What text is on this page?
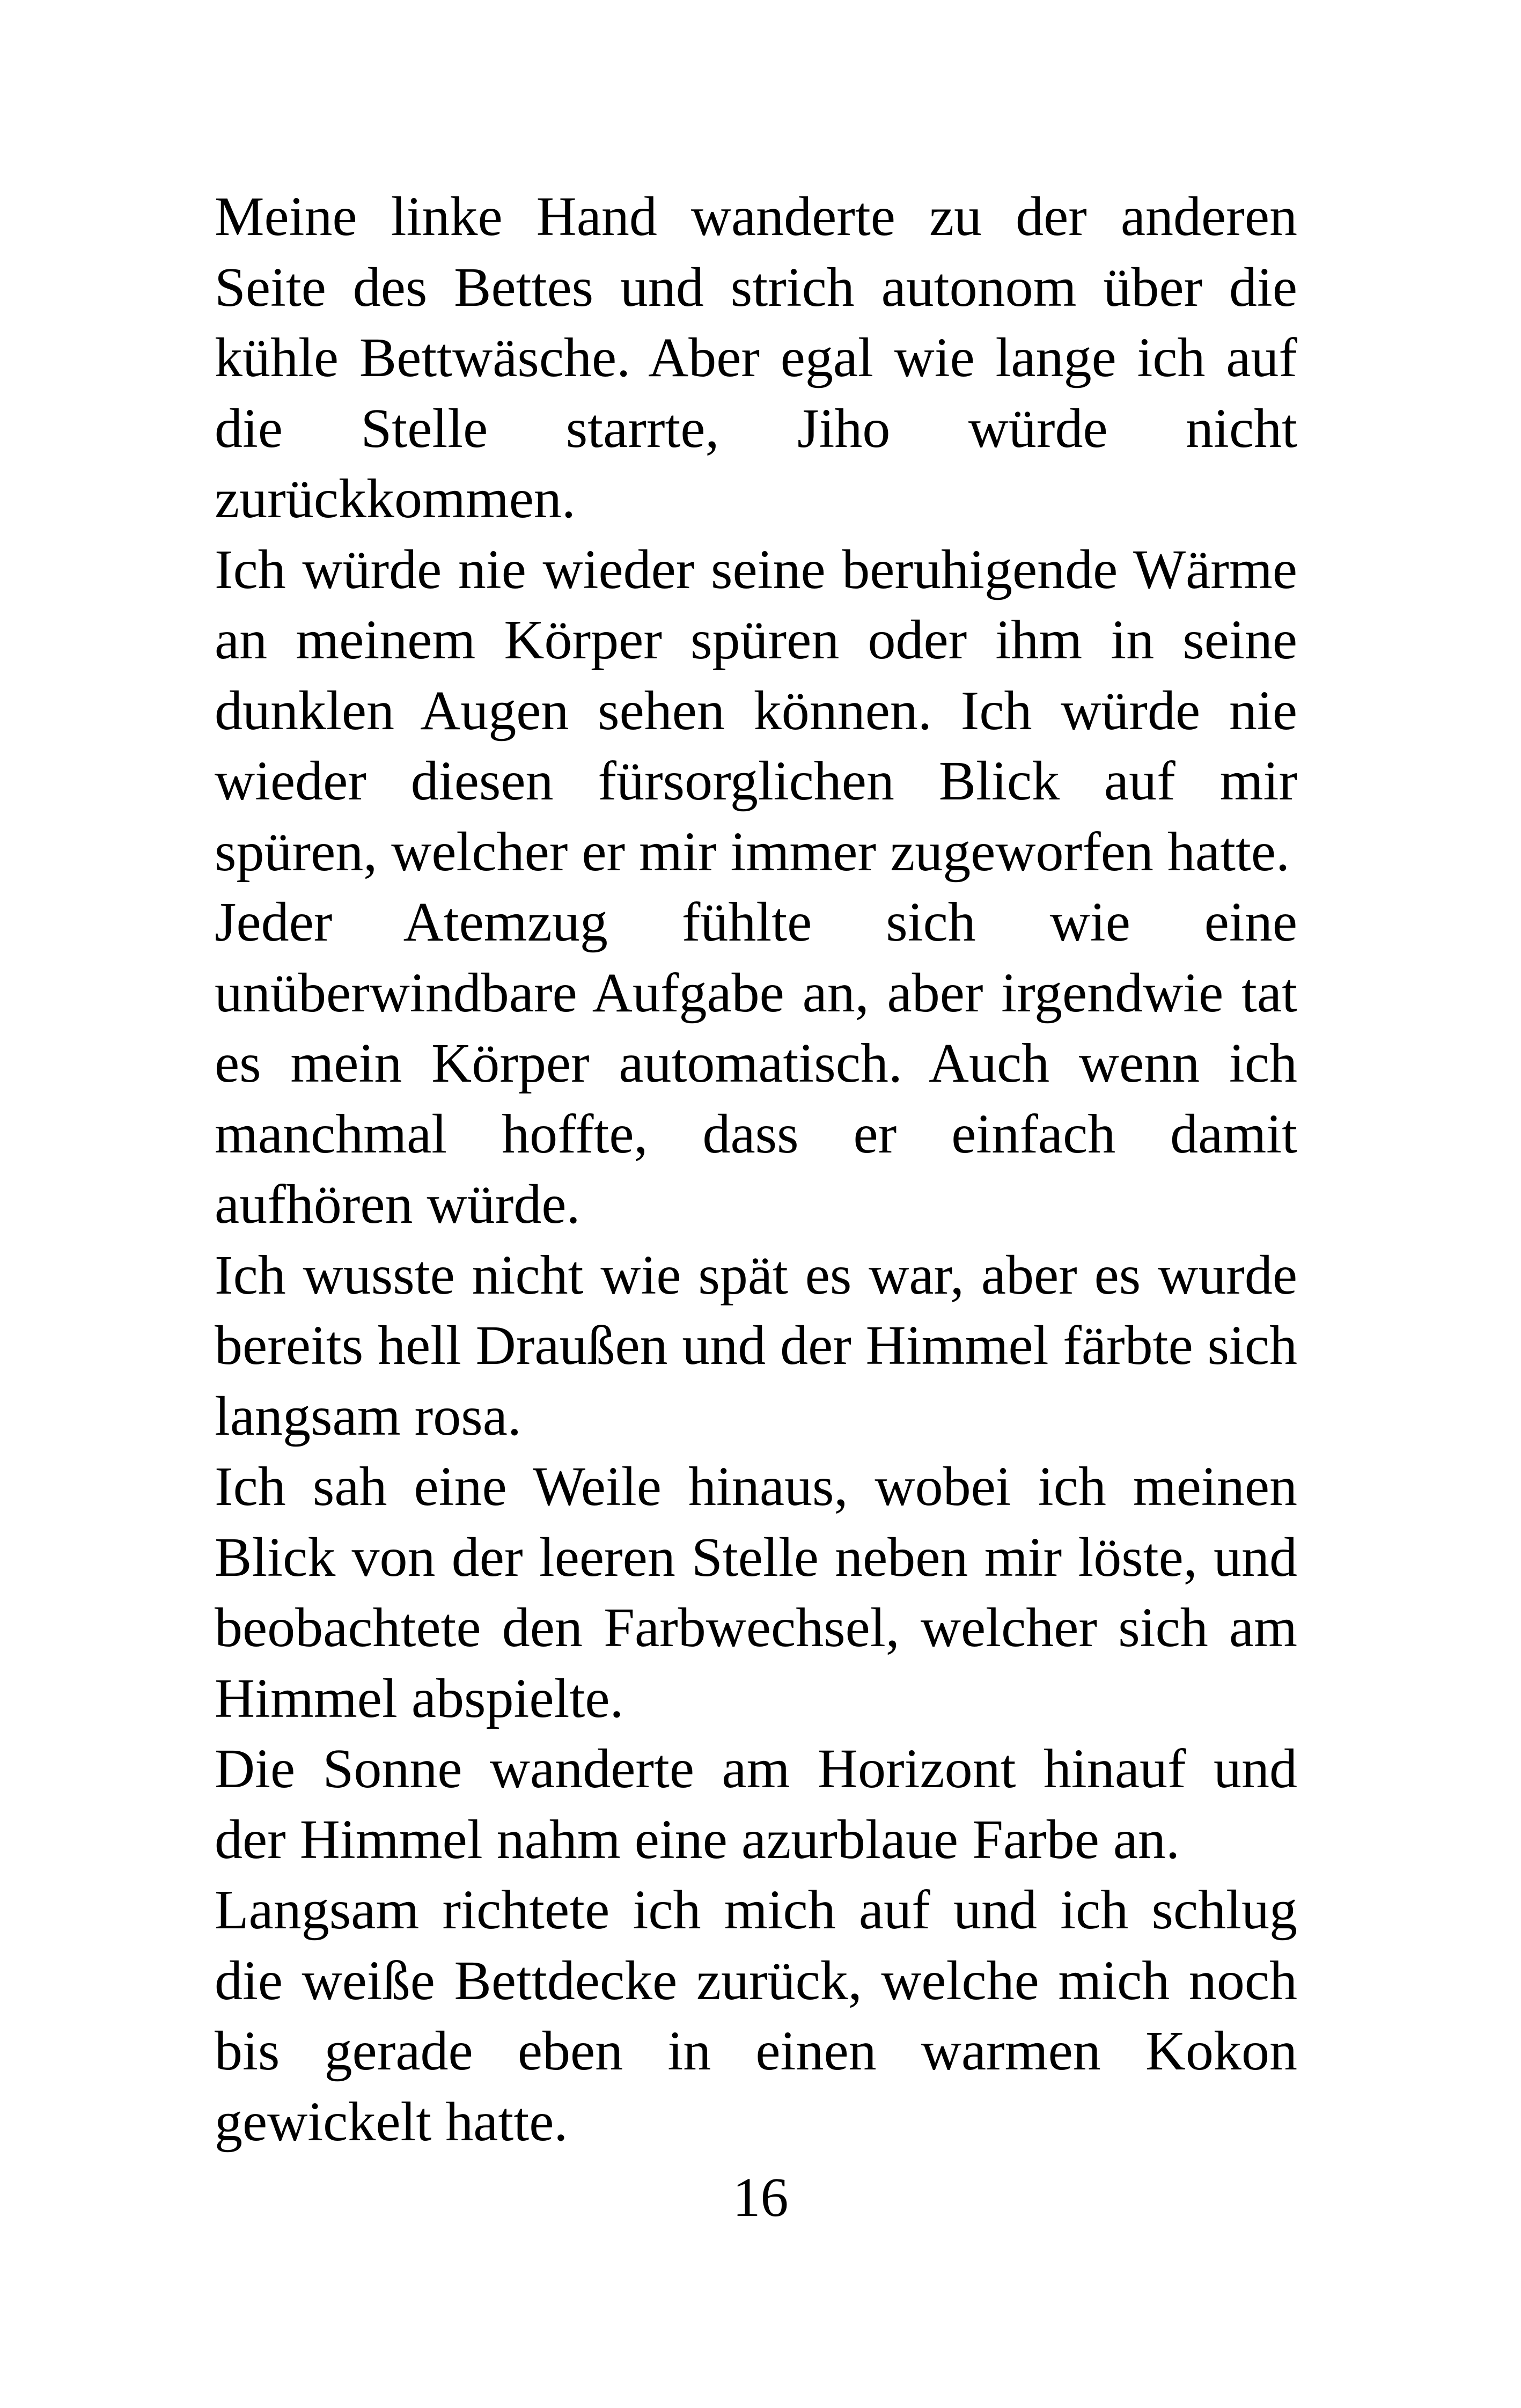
Meine linke Hand wanderte zu der anderen Seite des Bettes und strich autonom über die kühle Bettwäsche. Aber egal wie lange ich auf die Stelle starrte, Jiho würde nicht zurückkommen.

Ich würde nie wieder seine beruhigende Wärme an meinem Körper spüren oder ihm in seine dunklen Augen sehen können. Ich würde nie wieder diesen fürsorglichen Blick auf mir spüren, welcher er mir immer zugeworfen hatte.

Jeder Atemzug fühlte sich wie eine unüberwindbare Aufgabe an, aber irgendwie tat es mein Körper automatisch. Auch wenn ich manchmal hoffte, dass er einfach damit aufhören würde.

Ich wusste nicht wie spät es war, aber es wurde bereits hell Draußen und der Himmel färbte sich langsam rosa.

Ich sah eine Weile hinaus, wobei ich meinen Blick von der leeren Stelle neben mir löste, und beobachtete den Farbwechsel, welcher sich am Himmel abspielte.

Die Sonne wanderte am Horizont hinauf und der Himmel nahm eine azurblaue Farbe an.

Langsam richtete ich mich auf und ich schlug die weiße Bettdecke zurück, welche mich noch bis gerade eben in einen warmen Kokon gewickelt hatte.

16
